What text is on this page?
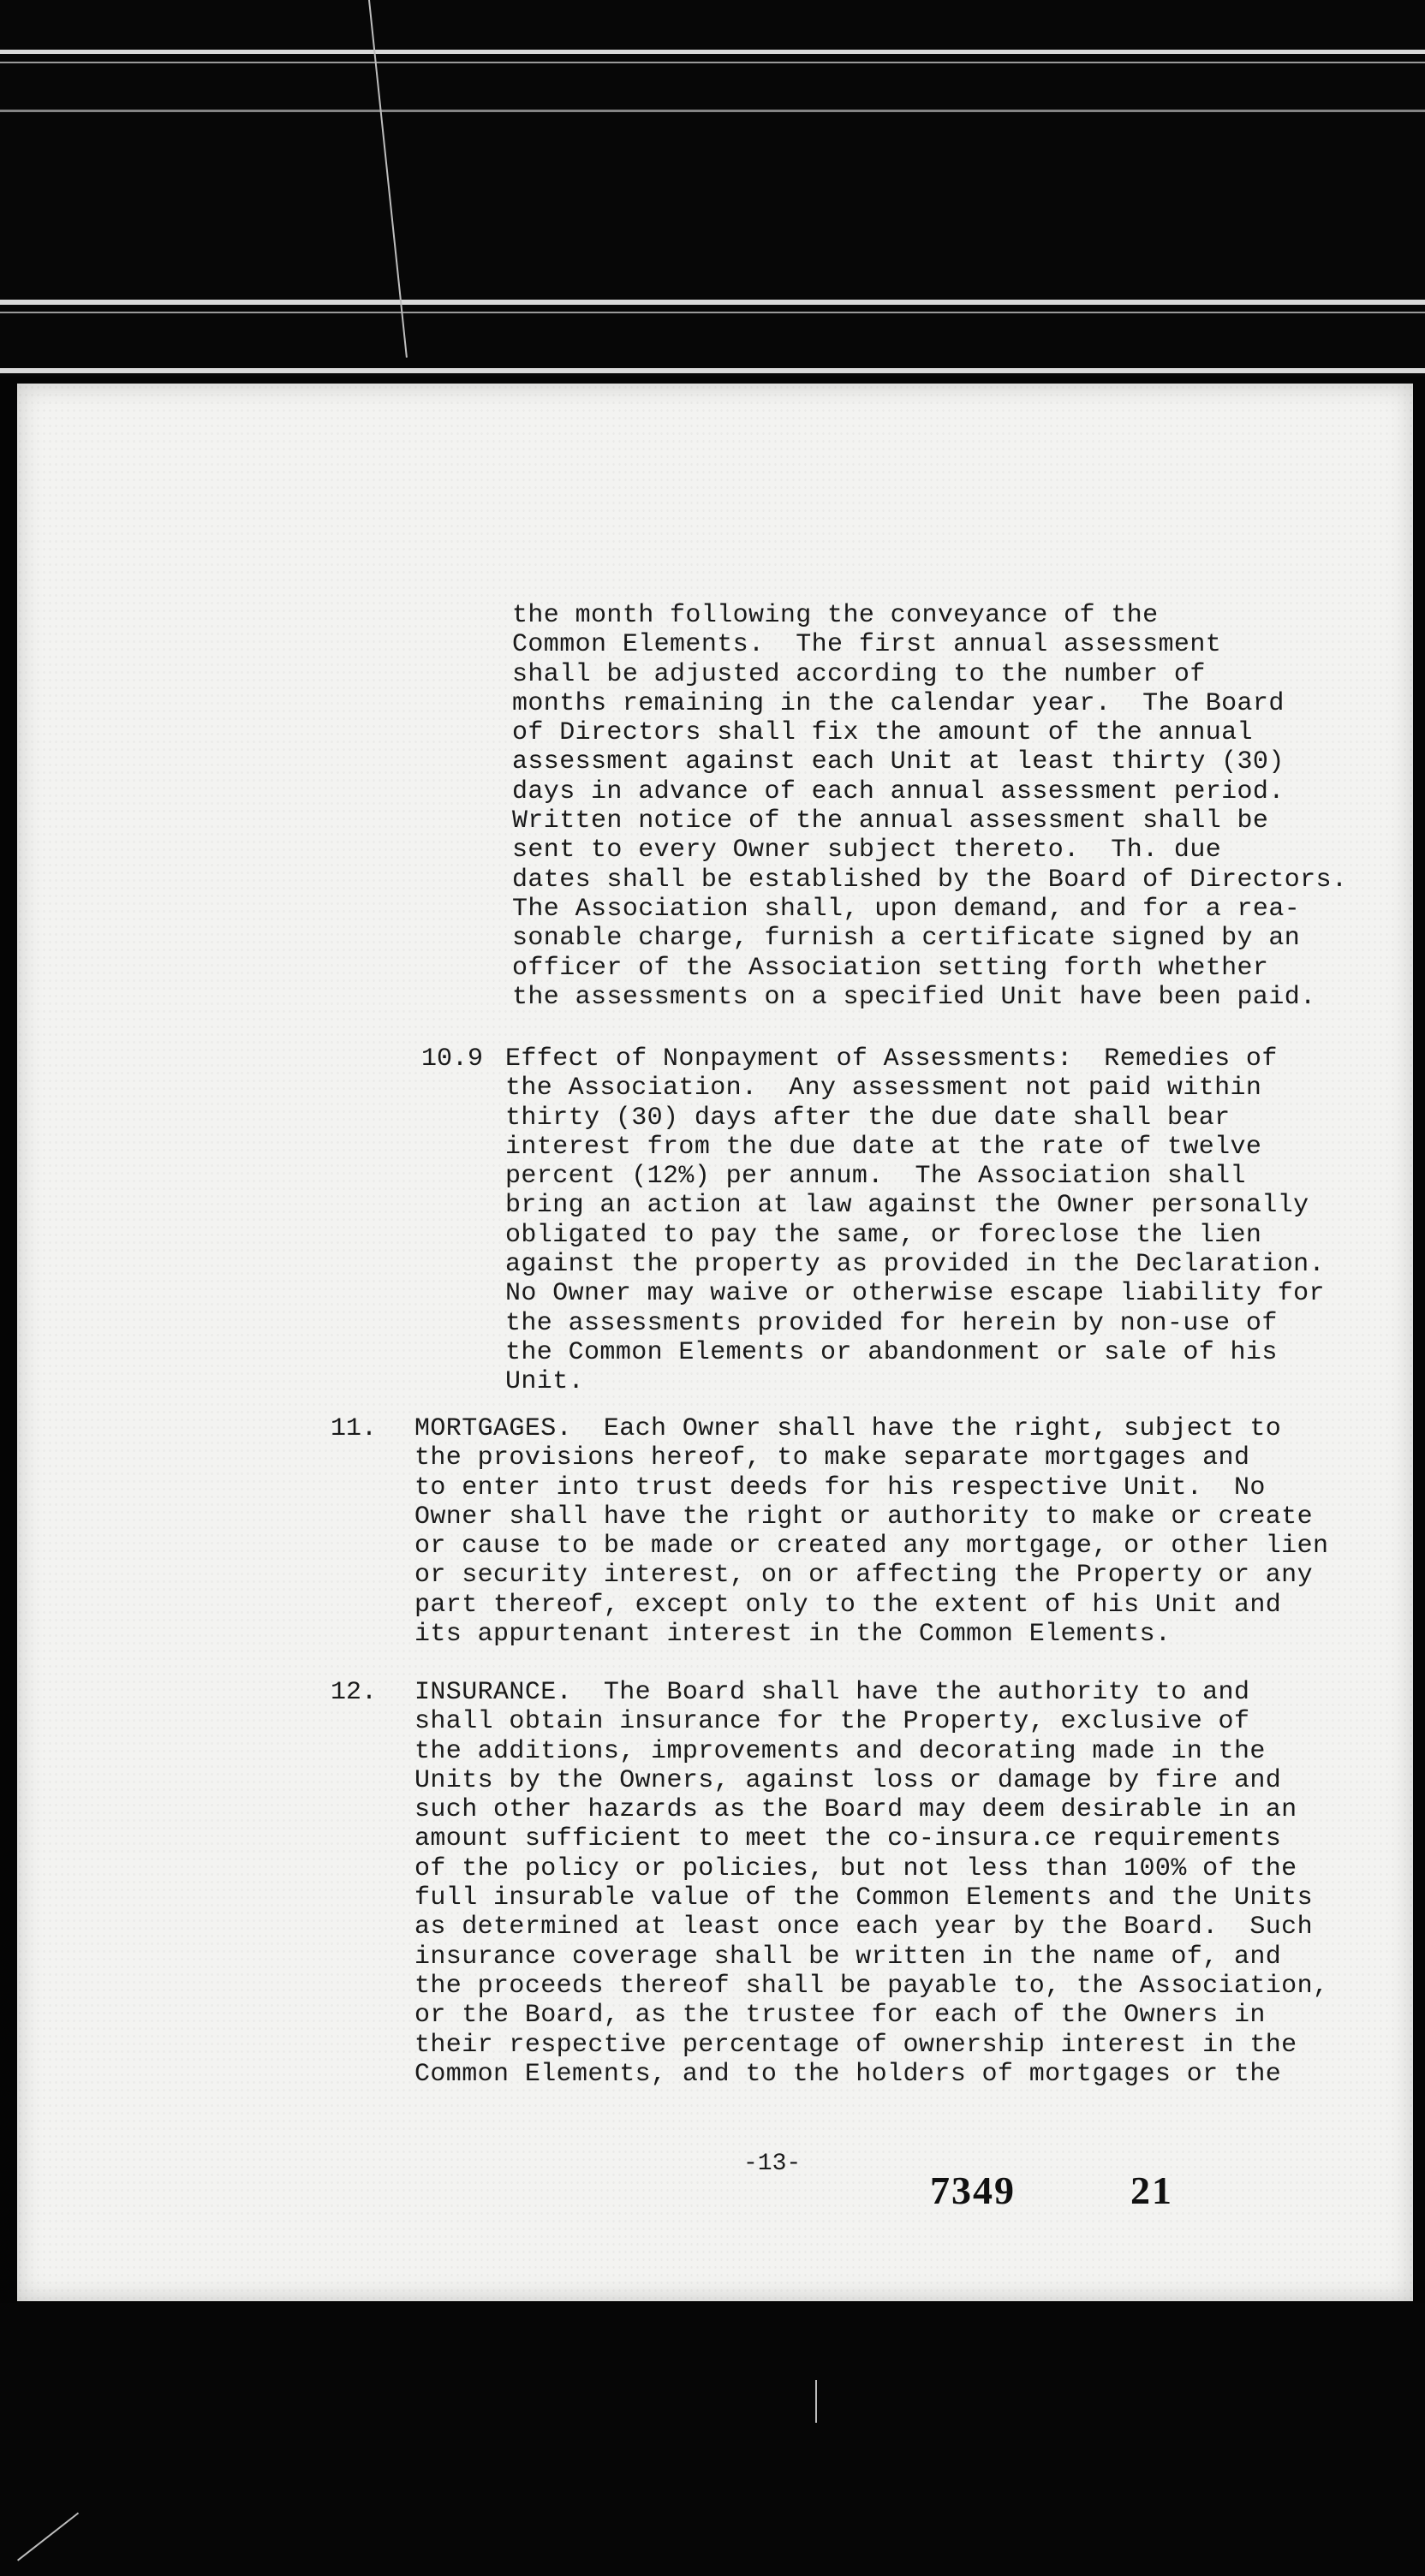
the month following the conveyance of the
Common Elements.  The first annual assessment
shall be adjusted according to the number of
months remaining in the calendar year.  The Board
of Directors shall fix the amount of the annual
assessment against each Unit at least thirty (30)
days in advance of each annual assessment period.
Written notice of the annual assessment shall be
sent to every Owner subject thereto.  Th. due
dates shall be established by the Board of Directors.
The Association shall, upon demand, and for a rea-
sonable charge, furnish a certificate signed by an
officer of the Association setting forth whether
the assessments on a specified Unit have been paid.
10.9 Effect of Nonpayment of Assessments:  Remedies of
the Association.  Any assessment not paid within
thirty (30) days after the due date shall bear
interest from the due date at the rate of twelve
percent (12%) per annum.  The Association shall
bring an action at law against the Owner personally
obligated to pay the same, or foreclose the lien
against the property as provided in the Declaration.
No Owner may waive or otherwise escape liability for
the assessments provided for herein by non-use of
the Common Elements or abandonment or sale of his
Unit.
11. MORTGAGES.  Each Owner shall have the right, subject to
the provisions hereof, to make separate mortgages and
to enter into trust deeds for his respective Unit.  No
Owner shall have the right or authority to make or create
or cause to be made or created any mortgage, or other lien
or security interest, on or affecting the Property or any
part thereof, except only to the extent of his Unit and
its appurtenant interest in the Common Elements.
12. INSURANCE.  The Board shall have the authority to and
shall obtain insurance for the Property, exclusive of
the additions, improvements and decorating made in the
Units by the Owners, against loss or damage by fire and
such other hazards as the Board may deem desirable in an
amount sufficient to meet the co-insura.ce requirements
of the policy or policies, but not less than 100% of the
full insurable value of the Common Elements and the Units
as determined at least once each year by the Board.  Such
insurance coverage shall be written in the name of, and
the proceeds thereof shall be payable to, the Association,
or the Board, as the trustee for each of the Owners in
their respective percentage of ownership interest in the
Common Elements, and to the holders of mortgages or the
-13-
7349	21
